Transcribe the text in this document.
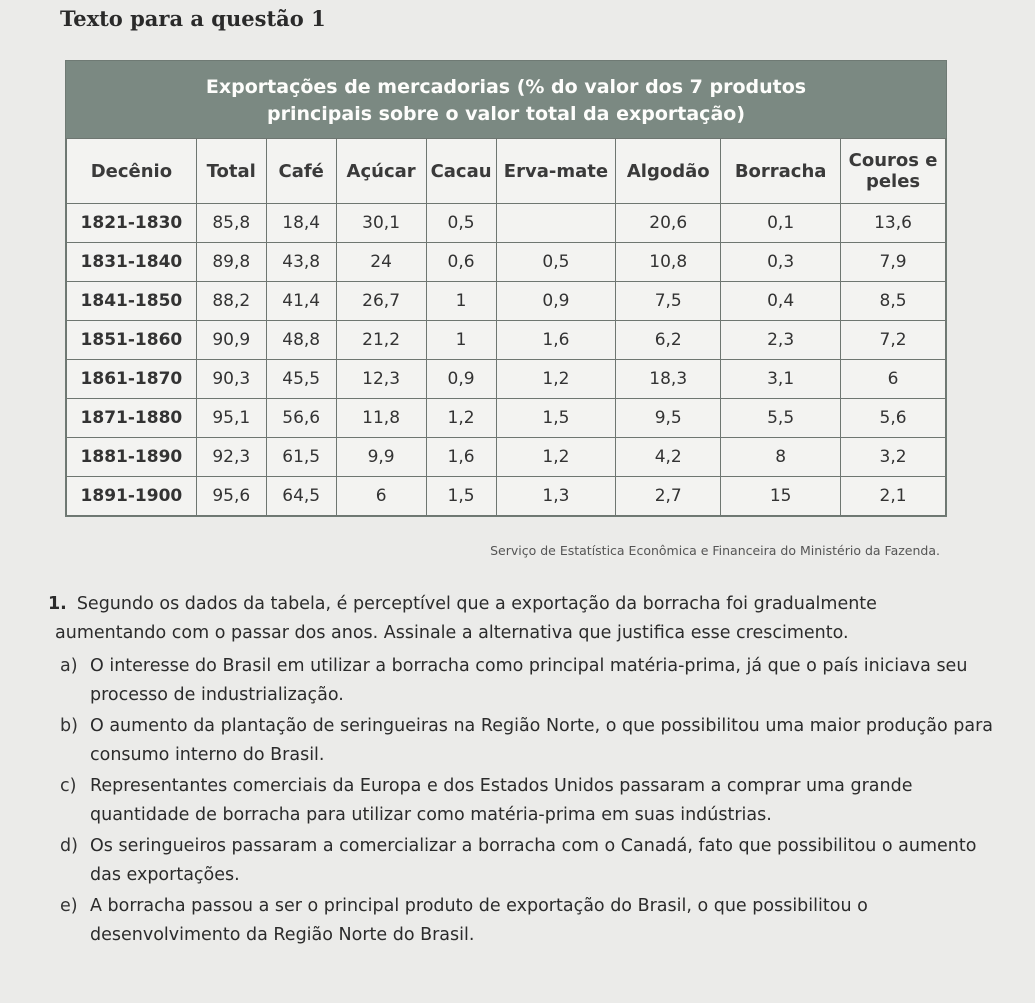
Texto para a questão 1
Exportações de mercadorias (% do valor dos 7 produtos
principais sobre o valor total da exportação)
Decênio	Total	Café	Açúcar	Cacau	Erva-mate	Algodão	Borracha	Couros e peles
1821-1830	85,8	18,4	30,1	0,5		20,6	0,1	13,6
1831-1840	89,8	43,8	24	0,6	0,5	10,8	0,3	7,9
1841-1850	88,2	41,4	26,7	1	0,9	7,5	0,4	8,5
1851-1860	90,9	48,8	21,2	1	1,6	6,2	2,3	7,2
1861-1870	90,3	45,5	12,3	0,9	1,2	18,3	3,1	6
1871-1880	95,1	56,6	11,8	1,2	1,5	9,5	5,5	5,6
1881-1890	92,3	61,5	9,9	1,6	1,2	4,2	8	3,2
1891-1900	95,6	64,5	6	1,5	1,3	2,7	15	2,1
Serviço de Estatística Econômica e Financeira do Ministério da Fazenda.
1. Segundo os dados da tabela, é perceptível que a exportação da borracha foi gradualmente
aumentando com o passar dos anos. Assinale a alternativa que justifica esse crescimento.
a) O interesse do Brasil em utilizar a borracha como principal matéria-prima, já que o país iniciava seu processo de industrialização.
b) O aumento da plantação de seringueiras na Região Norte, o que possibilitou uma maior produção para consumo interno do Brasil.
c) Representantes comerciais da Europa e dos Estados Unidos passaram a comprar uma grande quantidade de borracha para utilizar como matéria-prima em suas indústrias.
d) Os seringueiros passaram a comercializar a borracha com o Canadá, fato que possibilitou o aumento das exportações.
e) A borracha passou a ser o principal produto de exportação do Brasil, o que possibilitou o desenvolvimento da Região Norte do Brasil.
